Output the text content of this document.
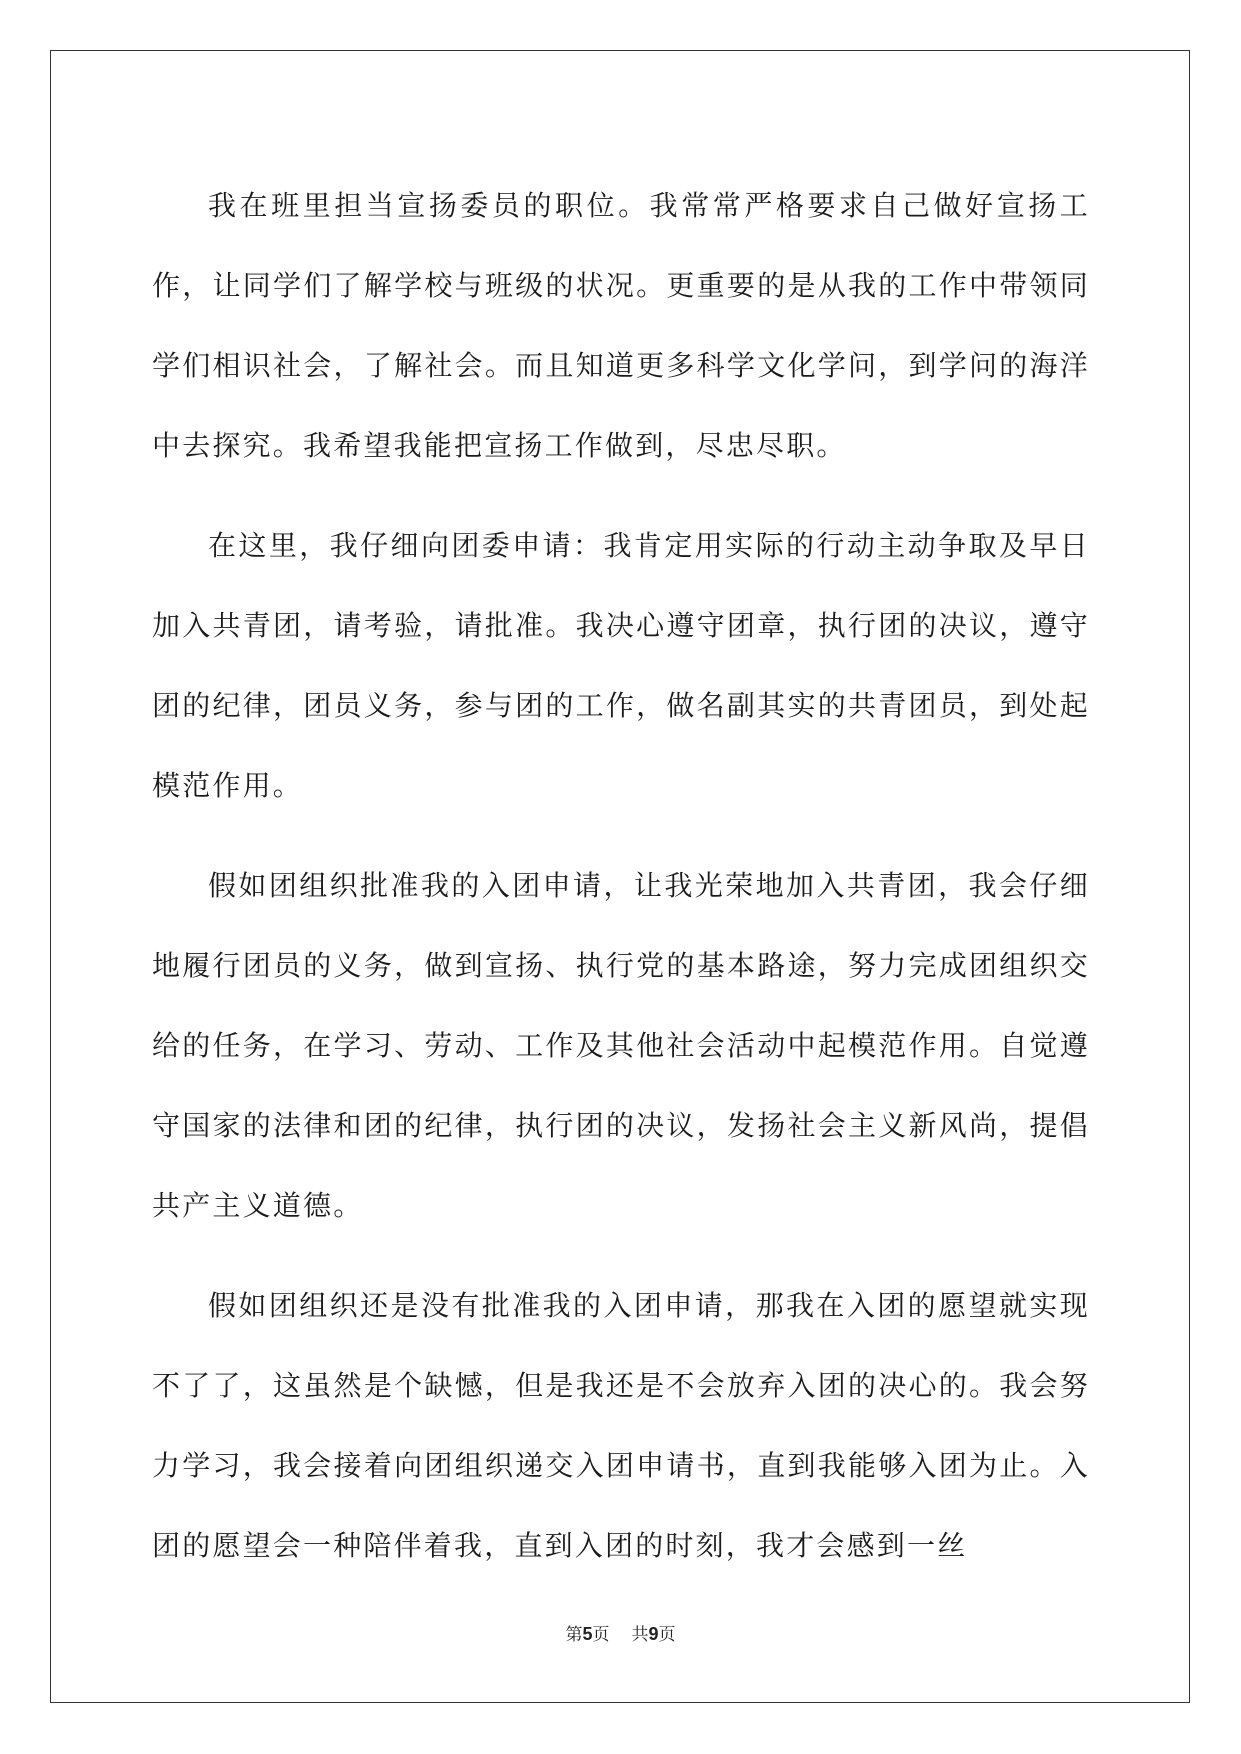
我在班里担当宣扬委员的职位。我常常严格要求自己做好宣扬工作，让同学们了解学校与班级的状况。更重要的是从我的工作中带领同学们相识社会，了解社会。而且知道更多科学文化学问，到学问的海洋中去探究。我希望我能把宣扬工作做到，尽忠尽职。

在这里，我仔细向团委申请：我肯定用实际的行动主动争取及早日加入共青团，请考验，请批准。我决心遵守团章，执行团的决议，遵守团的纪律，团员义务，参与团的工作，做名副其实的共青团员，到处起模范作用。

假如团组织批准我的入团申请，让我光荣地加入共青团，我会仔细地履行团员的义务，做到宣扬、执行党的基本路途，努力完成团组织交给的任务，在学习、劳动、工作及其他社会活动中起模范作用。自觉遵守国家的法律和团的纪律，执行团的决议，发扬社会主义新风尚，提倡共产主义道德。

假如团组织还是没有批准我的入团申请，那我在入团的愿望就实现不了了，这虽然是个缺憾，但是我还是不会放弃入团的决心的。我会努力学习，我会接着向团组织递交入团申请书，直到我能够入团为止。入团的愿望会一种陪伴着我，直到入团的时刻，我才会感到一丝

第5页 共9页
